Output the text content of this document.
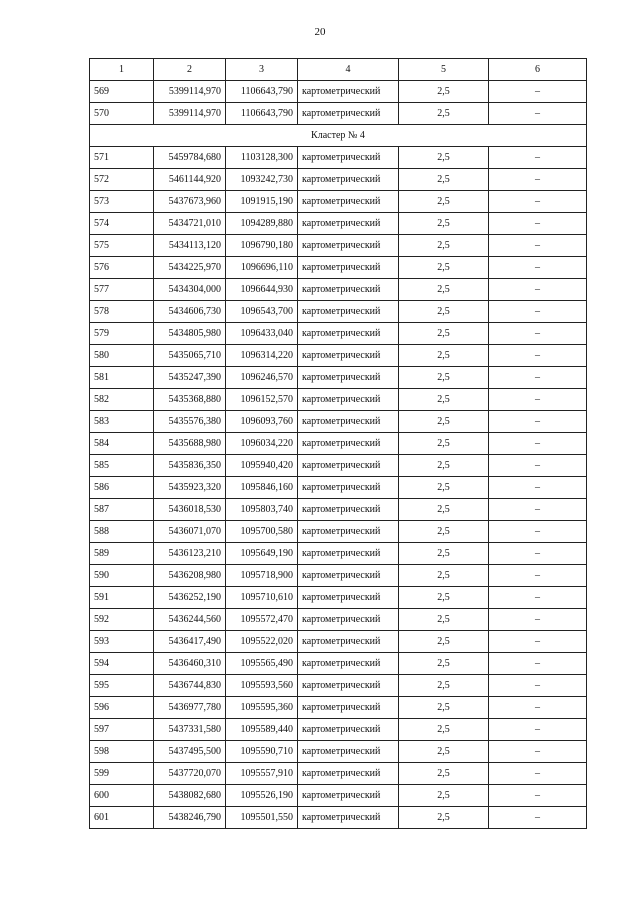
20
1	2	3	4	5	6
569	5399114,970	1106643,790	картометрический	2,5	–
570	5399114,970	1106643,790	картометрический	2,5	–
Кластер № 4					
571	5459784,680	1103128,300	картометрический	2,5	–
572	5461144,920	1093242,730	картометрический	2,5	–
573	5437673,960	1091915,190	картометрический	2,5	–
574	5434721,010	1094289,880	картометрический	2,5	–
575	5434113,120	1096790,180	картометрический	2,5	–
576	5434225,970	1096696,110	картометрический	2,5	–
577	5434304,000	1096644,930	картометрический	2,5	–
578	5434606,730	1096543,700	картометрический	2,5	–
579	5434805,980	1096433,040	картометрический	2,5	–
580	5435065,710	1096314,220	картометрический	2,5	–
581	5435247,390	1096246,570	картометрический	2,5	–
582	5435368,880	1096152,570	картометрический	2,5	–
583	5435576,380	1096093,760	картометрический	2,5	–
584	5435688,980	1096034,220	картометрический	2,5	–
585	5435836,350	1095940,420	картометрический	2,5	–
586	5435923,320	1095846,160	картометрический	2,5	–
587	5436018,530	1095803,740	картометрический	2,5	–
588	5436071,070	1095700,580	картометрический	2,5	–
589	5436123,210	1095649,190	картометрический	2,5	–
590	5436208,980	1095718,900	картометрический	2,5	–
591	5436252,190	1095710,610	картометрический	2,5	–
592	5436244,560	1095572,470	картометрический	2,5	–
593	5436417,490	1095522,020	картометрический	2,5	–
594	5436460,310	1095565,490	картометрический	2,5	–
595	5436744,830	1095593,560	картометрический	2,5	–
596	5436977,780	1095595,360	картометрический	2,5	–
597	5437331,580	1095589,440	картометрический	2,5	–
598	5437495,500	1095590,710	картометрический	2,5	–
599	5437720,070	1095557,910	картометрический	2,5	–
600	5438082,680	1095526,190	картометрический	2,5	–
601	5438246,790	1095501,550	картометрический	2,5	–
